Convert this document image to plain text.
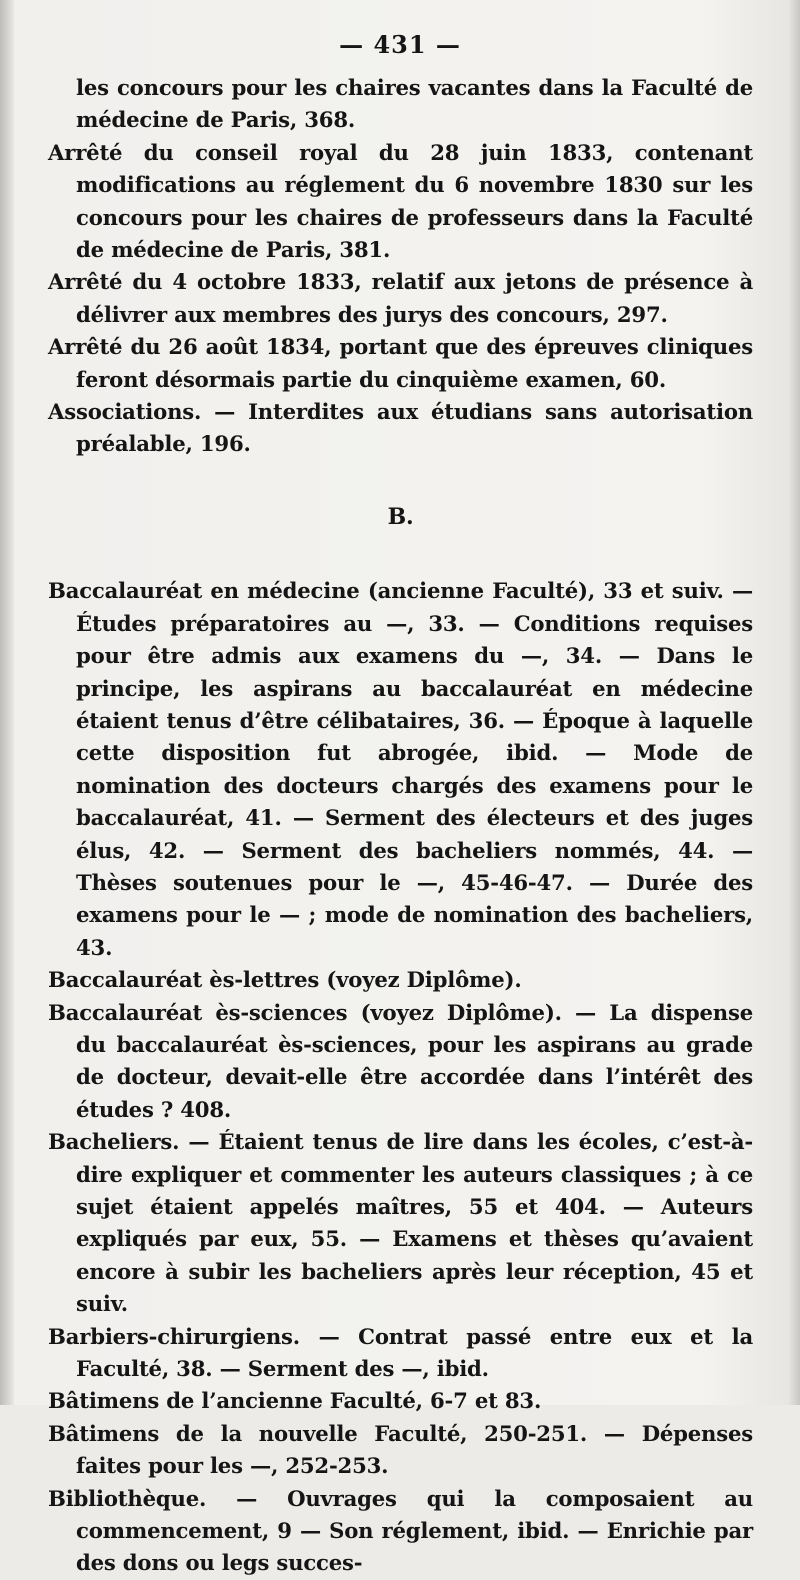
— 431 —
les concours pour les chaires vacantes dans la Faculté de médecine de Paris, 368.
Arrêté du conseil royal du 28 juin 1833, contenant modifications au réglement du 6 novembre 1830 sur les concours pour les chaires de professeurs dans la Faculté de médecine de Paris, 381.
Arrêté du 4 octobre 1833, relatif aux jetons de présence à délivrer aux membres des jurys des concours, 297.
Arrêté du 26 août 1834, portant que des épreuves cliniques feront désormais partie du cinquième examen, 60.
Associations. — Interdites aux étudians sans autorisation préalable, 196.
B.
Baccalauréat en médecine (ancienne Faculté), 33 et suiv. — Études préparatoires au —, 33. — Conditions requises pour être admis aux examens du —, 34. — Dans le principe, les aspirans au baccalauréat en médecine étaient tenus d’être célibataires, 36. — Époque à laquelle cette disposition fut abrogée, ibid. — Mode de nomination des docteurs chargés des examens pour le baccalauréat, 41. — Serment des électeurs et des juges élus, 42. — Serment des bacheliers nommés, 44. — Thèses soutenues pour le —, 45-46-47. — Durée des examens pour le — ; mode de nomination des bacheliers, 43.
Baccalauréat ès-lettres (voyez Diplôme).
Baccalauréat ès-sciences (voyez Diplôme). — La dispense du baccalauréat ès-sciences, pour les aspirans au grade de docteur, devait-elle être accordée dans l’intérêt des études ? 408.
Bacheliers. — Étaient tenus de lire dans les écoles, c’est-à-dire expliquer et commenter les auteurs classiques ; à ce sujet étaient appelés maîtres, 55 et 404. — Auteurs expliqués par eux, 55. — Examens et thèses qu’avaient encore à subir les bacheliers après leur réception, 45 et suiv.
Barbiers-chirurgiens. — Contrat passé entre eux et la Faculté, 38. — Serment des —, ibid.
Bâtimens de l’ancienne Faculté, 6-7 et 83.
Bâtimens de la nouvelle Faculté, 250-251. — Dépenses faites pour les —, 252-253.
Bibliothèque. — Ouvrages qui la composaient au commencement, 9 — Son réglement, ibid. — Enrichie par des dons ou legs succes-
